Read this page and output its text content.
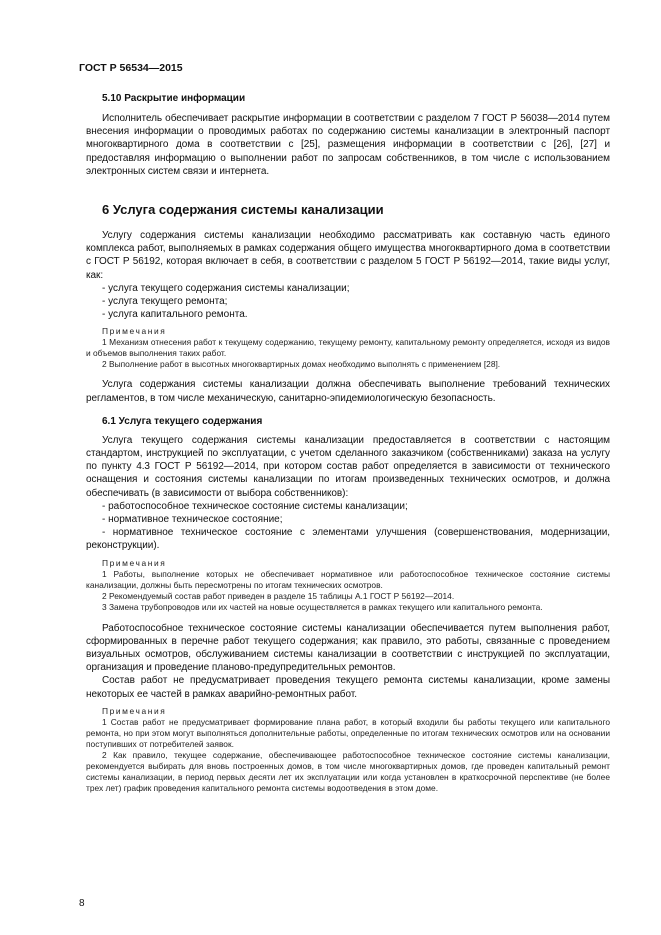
ГОСТ Р 56534—2015
5.10 Раскрытие информации

Исполнитель обеспечивает раскрытие информации в соответствии с разделом 7 ГОСТ Р 56038—2014 путем внесения информации о проводимых работах по содержанию системы канализации в электронный паспорт многоквартирного дома в соответствии с [25], размещения информации в соответствии с [26], [27] и предоставляя информацию о выполнении работ по запросам собственников, в том числе с использованием электронных систем связи и интернета.

6 Услуга содержания системы канализации

Услугу содержания системы канализации необходимо рассматривать как составную часть единого комплекса работ, выполняемых в рамках содержания общего имущества многоквартирного дома в соответствии с ГОСТ Р 56192, которая включает в себя, в соответствии с разделом 5 ГОСТ Р 56192—2014, такие виды услуг, как:

- услуга текущего содержания системы канализации;
- услуга текущего ремонта;
- услуга капитального ремонта.
Примечания

1 Механизм отнесения работ к текущему содержанию, текущему ремонту, капитальному ремонту определяется, исходя из видов и объемов выполнения таких работ.

2 Выполнение работ в высотных многоквартирных домах необходимо выполнять с применением [28].

Услуга содержания системы канализации должна обеспечивать выполнение требований технических регламентов, в том числе механическую, санитарно-эпидемиологическую безопасность.

6.1 Услуга текущего содержания

Услуга текущего содержания системы канализации предоставляется в соответствии с настоящим стандартом, инструкцией по эксплуатации, с учетом сделанного заказчиком (собственниками) заказа на услугу по пункту 4.3 ГОСТ Р 56192—2014, при котором состав работ определяется в зависимости от технического оснащения и состояния системы канализации по итогам произведенных технических осмотров, и должна обеспечивать (в зависимости от выбора собственников):

- работоспособное техническое состояние системы канализации;
- нормативное техническое состояние;

- нормативное техническое состояние с элементами улучшения (совершенствования, модернизации, реконструкции).

Примечания

1 Работы, выполнение которых не обеспечивает нормативное или работоспособное техническое состояние системы канализации, должны быть пересмотрены по итогам технических осмотров.

2 Рекомендуемый состав работ приведен в разделе 15 таблицы А.1 ГОСТ Р 56192—2014.

3 Замена трубопроводов или их частей на новые осуществляется в рамках текущего или капитального ремонта.

Работоспособное техническое состояние системы канализации обеспечивается путем выполнения работ, сформированных в перечне работ текущего содержания; как правило, это работы, связанные с проведением визуальных осмотров, обслуживанием системы канализации в соответствии с инструкцией по эксплуатации, организация и проведение планово-предупредительных ремонтов.

Состав работ не предусматривает проведения текущего ремонта системы канализации, кроме замены некоторых ее частей в рамках аварийно-ремонтных работ.

Примечания

1 Состав работ не предусматривает формирование плана работ, в который входили бы работы текущего или капитального ремонта, но при этом могут выполняться дополнительные работы, определенные по итогам технических осмотров или на основании поступивших от потребителей заявок.

2 Как правило, текущее содержание, обеспечивающее работоспособное техническое состояние системы канализации, рекомендуется выбирать для вновь построенных домов, в том числе многоквартирных домов, где проведен капитальный ремонт системы канализации, в период первых десяти лет их эксплуатации или когда установлен в краткосрочной перспективе (не более трех лет) график проведения капитального ремонта системы водоотведения в этом доме.

8
